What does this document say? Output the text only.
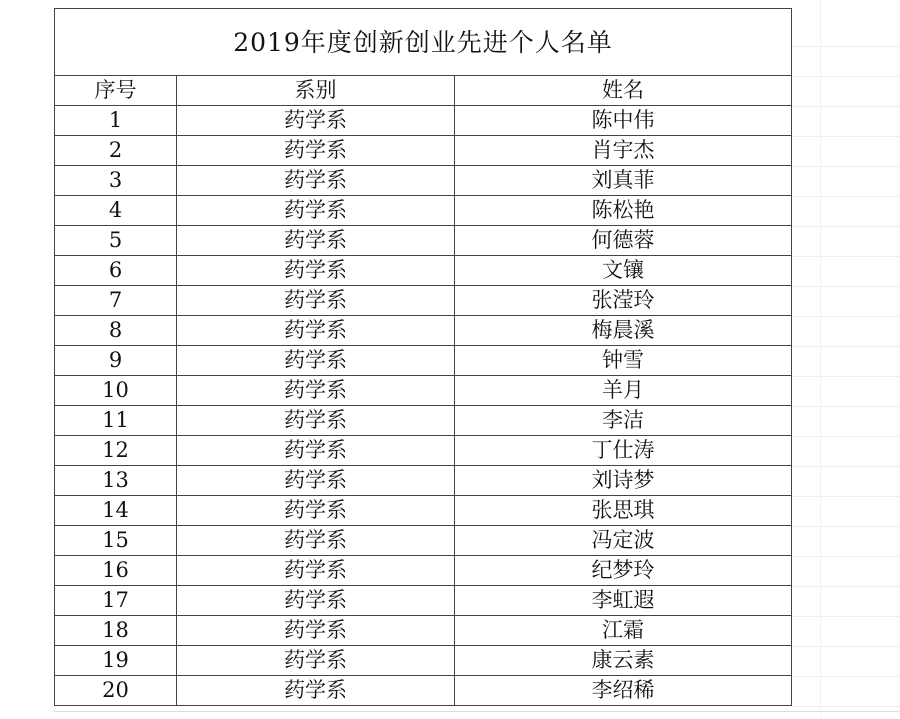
2019年度创新创业先进个人名单		
序号	系别	姓名
1	药学系	陈中伟
2	药学系	肖宇杰
3	药学系	刘真菲
4	药学系	陈松艳
5	药学系	何德蓉
6	药学系	文镶
7	药学系	张滢玲
8	药学系	梅晨溪
9	药学系	钟雪
10	药学系	羊月
11	药学系	李洁
12	药学系	丁仕涛
13	药学系	刘诗梦
14	药学系	张思琪
15	药学系	冯定波
16	药学系	纪梦玲
17	药学系	李虹遐
18	药学系	江霜
19	药学系	康云素
20	药学系	李绍稀
